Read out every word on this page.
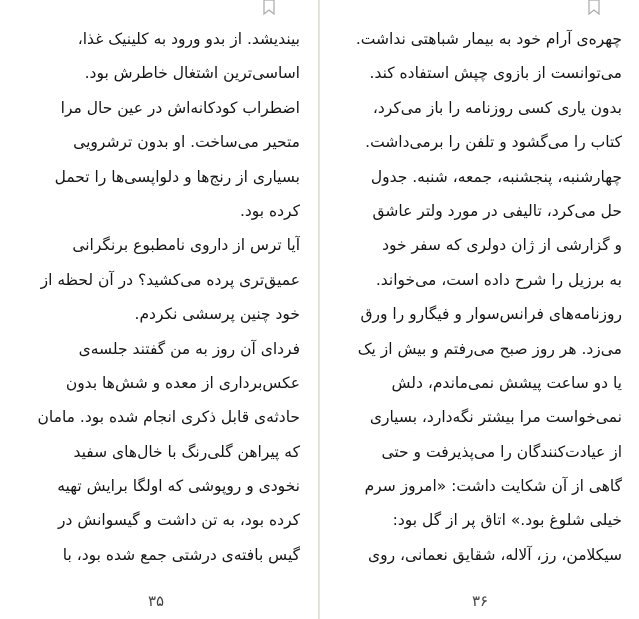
بینديشد. از بدو ورود به کلینیک غذا،
اساسی‌ترین اشتغال خاطرش بود.
اضطراب کودکانه‌اش در عین حال مرا
متحیر می‌ساخت. او بدون ترشرویی
بسیاری از رنج‌ها و دلواپسی‌ها را تحمل
کرده بود.
آیا ترس از داروی نامطبوع برنگرانی
عمیق‌تری پرده می‌کشید؟ در آن لحظه از
خود چنین پرسشی نکردم.
فردای آن روز به من گفتند جلسه‌ی
عکس‌برداری از معده و شش‌ها بدون
حادثه‌ی قابل ذکری انجام شده بود. مامان
که پیراهن گلی‌رنگ با خال‌های سفید
نخودی و روپوشی که اولگا برایش تهیه
کرده بود، به تن داشت و گیسوانش در
گیس بافته‌ی درشتی جمع شده بود، با
۳۵
چهره‌ی آرام خود به بیمار شباهتی نداشت.
می‌توانست از بازوی چپش استفاده کند.
بدون یاری کسی روزنامه را باز می‌کرد،
کتاب را می‌گشود و تلفن را برمی‌داشت.
چهارشنبه، پنجشنبه، جمعه، شنبه. جدول
حل می‌کرد، تالیفی در مورد ولتر عاشق
و گزارشی از ژان دولری که سفر خود
به برزیل را شرح داده است، می‌خواند.
روزنامه‌های فرانس‌سوار و فیگارو را ورق
می‌زد. هر روز صبح می‌رفتم و بیش از یک
یا دو ساعت پیشش نمی‌ماندم، دلش
نمی‌خواست مرا بیشتر نگه‌دارد، بسیاری
از عیادت‌کنندگان را می‌پذیرفت و حتی
گاهی از آن شکایت داشت: «امروز سرم
خیلی شلوغ بود.» اتاق پر از گل بود:
سیکلامن، رز، آلاله، شقایق نعمانی، روی
۳۶
